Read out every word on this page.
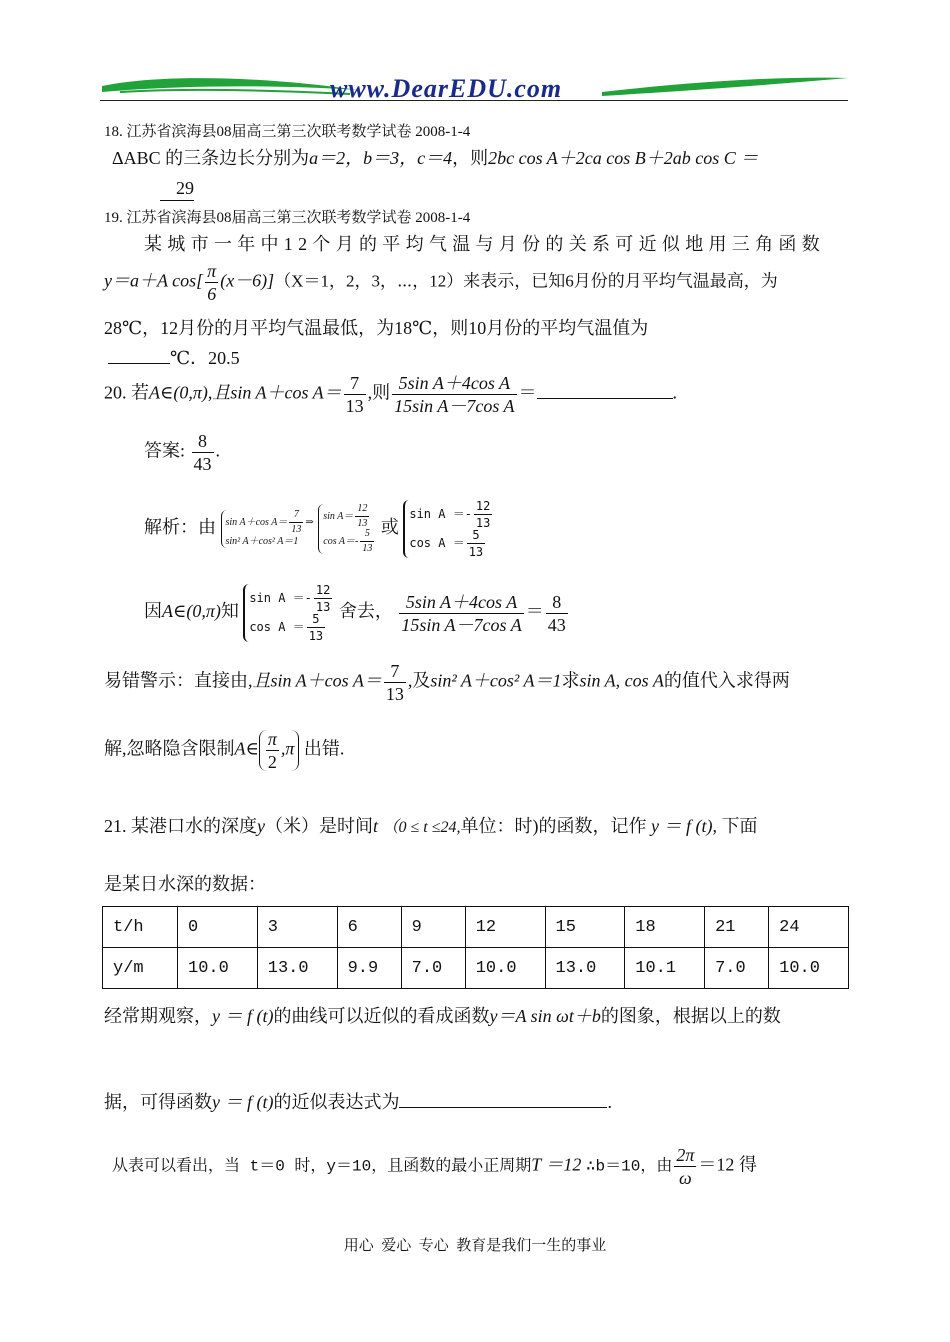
www.DearEDU.com
18. 江苏省滨海县08届高三第三次联考数学试卷 2008-1-4
ΔABC 的三条边长分别为a＝2，b＝3，c＝4，则2bc cos A＋2ca cos B＋2ab cos C ＝
29
19. 江苏省滨海县08届高三第三次联考数学试卷 2008-1-4
某城市一年中12个月的平均气温与月份的关系可近似地用三角函数
y＝a＋A $\cos[ \frac{\pi}{6} (x-6)](X=1$，2，3，⋯，12）来表示，已知6月份的月平均气温最高，为
28℃，12月份的月平均气温最低，为18℃，则10月份的平均气温值为
℃．20.5
20. 若A∈(0,π),且sin A＋cos $A= \frac{7}{13}$ ,则 $\frac{\text{5sin A＋4cos A}}{\text{15sin A－7cos A}}$ ＝	.
答案: $\frac{8}{43}$ .
解析：由 sin A＋cos $A= \frac{7}{13}$ ⇒
sin² A＋cos² A＝1

$\sin A= \frac{12}{13}$
$\cos A=- \frac{5}{13}$
或
$\sin A =- \frac{12}{13}$
$\cos A = \frac{5}{13}$
因A∈(0,π)知
$\sin A =- \frac{12}{13}$
$\cos A = \frac{5}{13}$
舍去， $\frac{\text{5sin A＋4cos A}}{\text{15sin A－7cos A}} = \frac{8}{43}$
易错警示：直接由,且sin A＋cos $A= \frac{7}{13}$ ,及sin² A＋cos² A＝1求sin A, cos A的值代入求得两
解,忽略隐含限制A∈ $\frac{\pi}{2} ,\pi$ 出错.
21. 某港口水的深度y（米）是时间t （0 ≤ t ≤24,单位：时)的函数，记作 y ＝ f (t), 下面
是某日水深的数据：
t/h	0	3	6	9	12	15	18	21	24
y/m	10.0	13.0	9.9	7.0	10.0	13.0	10.1	7.0	10.0
经常期观察，y ＝ f (t)的曲线可以近似的看成函数y＝A sin ωt＋b的图象，根据以上的数
据，可得函数y ＝ f (t)的近似表达式为	.
从表可以看出，当 t＝0 时，y＝10，且函数的最小正周期T ＝12 ∴b＝10，由 $\frac{2\pi}{\omega} =12$ 得
用心  爱心  专心  教育是我们一生的事业
